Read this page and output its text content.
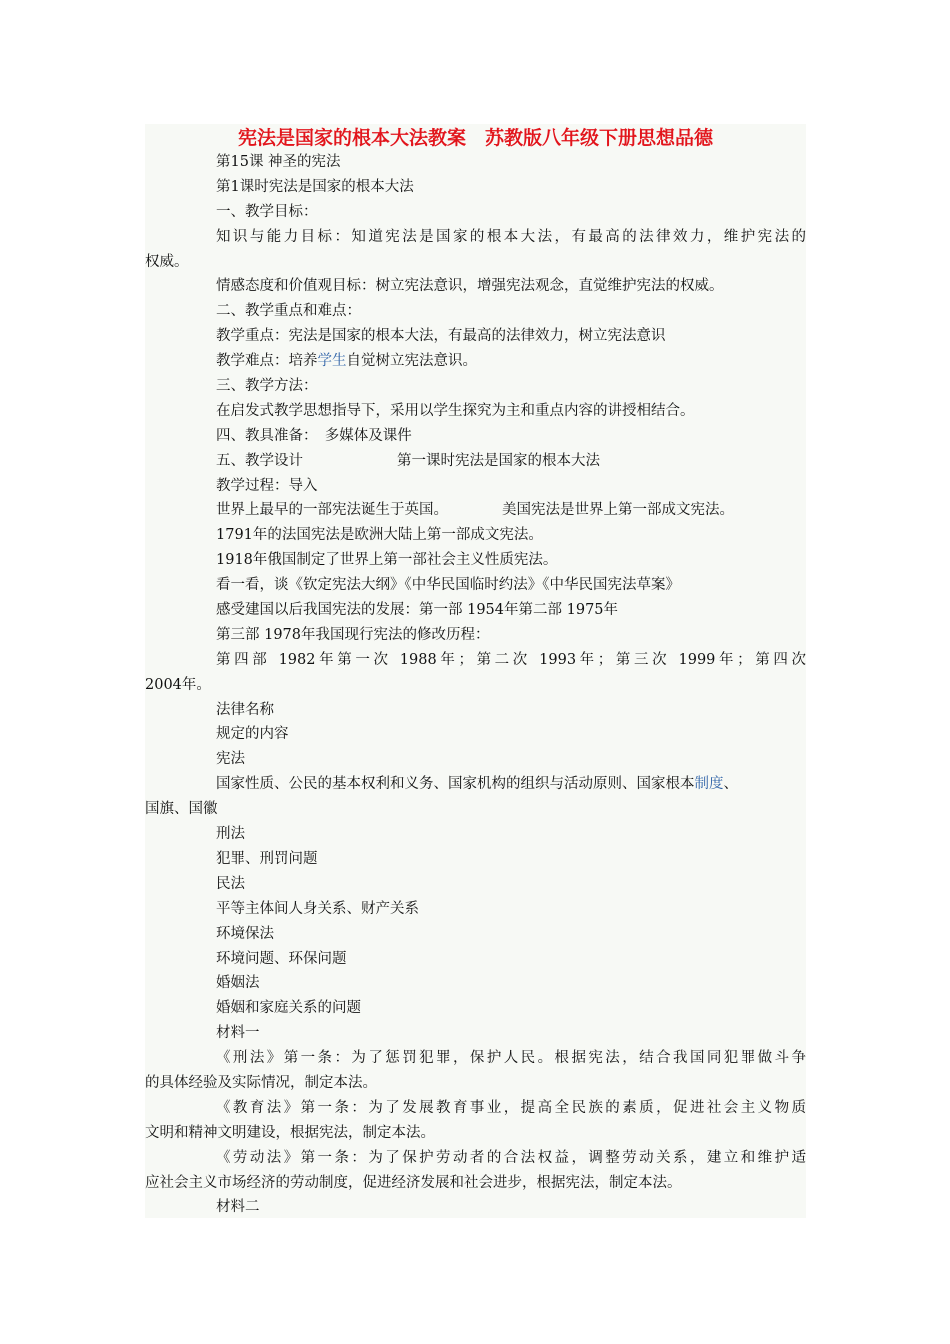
宪法是国家的根本大法教案　苏教版八年级下册思想品德
第15课 神圣的宪法
第1课时宪法是国家的根本大法
一、教学目标：
知识与能力目标：知道宪法是国家的根本大法，有最高的法律效力，维护宪法的
权威。
情感态度和价值观目标：树立宪法意识，增强宪法观念，直觉维护宪法的权威。
二、教学重点和难点：
教学重点：宪法是国家的根本大法，有最高的法律效力，树立宪法意识
教学难点：培养学生自觉树立宪法意识。
三、教学方法：
在启发式教学思想指导下，采用以学生探究为主和重点内容的讲授相结合。
四、教具准备：　多媒体及课件
五、教学设计	第一课时宪法是国家的根本大法
教学过程：导入
世界上最早的一部宪法诞生于英国。	美国宪法是世界上第一部成文宪法。
1791年的法国宪法是欧洲大陆上第一部成文宪法。
1918年俄国制定了世界上第一部社会主义性质宪法。
看一看，谈《钦定宪法大纲》《中华民国临时约法》《中华民国宪法草案》
感受建国以后我国宪法的发展：第一部 1954年第二部 1975年
第三部 1978年我国现行宪法的修改历程：
第四部 1982年第一次 1988年；第二次 1993年；第三次 1999年；第四次
2004年。
法律名称
规定的内容
宪法
国家性质、公民的基本权利和义务、国家机构的组织与活动原则、国家根本制度、
国旗、国徽
刑法
犯罪、刑罚问题
民法
平等主体间人身关系、财产关系
环境保法
环境问题、环保问题
婚姻法
婚姻和家庭关系的问题
材料一
《刑法》第一条：为了惩罚犯罪，保护人民。根据宪法，结合我国同犯罪做斗争
的具体经验及实际情况，制定本法。
《教育法》第一条：为了发展教育事业，提高全民族的素质，促进社会主义物质
文明和精神文明建设，根据宪法，制定本法。
《劳动法》第一条：为了保护劳动者的合法权益，调整劳动关系，建立和维护适
应社会主义市场经济的劳动制度，促进经济发展和社会进步，根据宪法，制定本法。
材料二
